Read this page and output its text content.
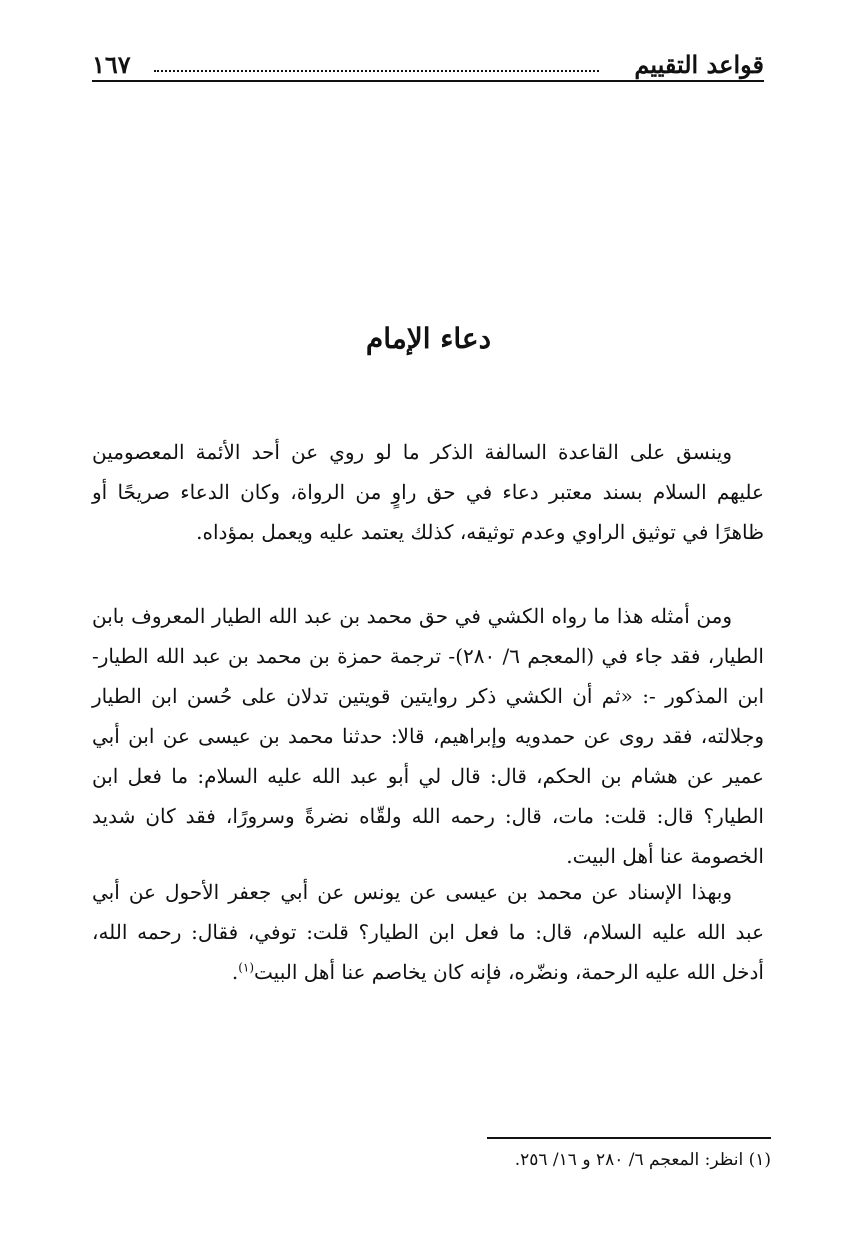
قواعد التقييم
١٦٧
دعاء الإمام
وينسق على القاعدة السالفة الذكر ما لو روي عن أحد الأئمة المعصومين عليهم السلام بسند معتبر دعاء في حق راوٍ من الرواة، وكان الدعاء صريحًا أو ظاهرًا في توثيق الراوي وعدم توثيقه، كذلك يعتمد عليه ويعمل بمؤداه.
ومن أمثله هذا ما رواه الكشي في حق محمد بن عبد الله الطيار المعروف بابن الطيار، فقد جاء في (المعجم ٦/ ٢٨٠)- ترجمة حمزة بن محمد بن عبد الله الطيار- ابن المذكور -: «ثم أن الكشي ذكر روايتين قويتين تدلان على حُسن ابن الطيار وجلالته، فقد روى عن حمدويه وإبراهيم، قالا: حدثنا محمد بن عيسى عن ابن أبي عمير عن هشام بن الحكم، قال: قال لي أبو عبد الله عليه السلام: ما فعل ابن الطيار؟ قال: قلت: مات، قال: رحمه الله ولقّاه نضرةً وسرورًا، فقد كان شديد الخصومة عنا أهل البيت.
وبهذا الإسناد عن محمد بن عيسى عن يونس عن أبي جعفر الأحول عن أبي عبد الله عليه السلام، قال: ما فعل ابن الطيار؟ قلت: توفي، فقال: رحمه الله، أدخل الله عليه الرحمة، ونضّره، فإنه كان يخاصم عنا أهل البيت$^{(١)}$.
(١) انظر: المعجم ٦/ ٢٨٠ و ١٦/ ٢٥٦.
